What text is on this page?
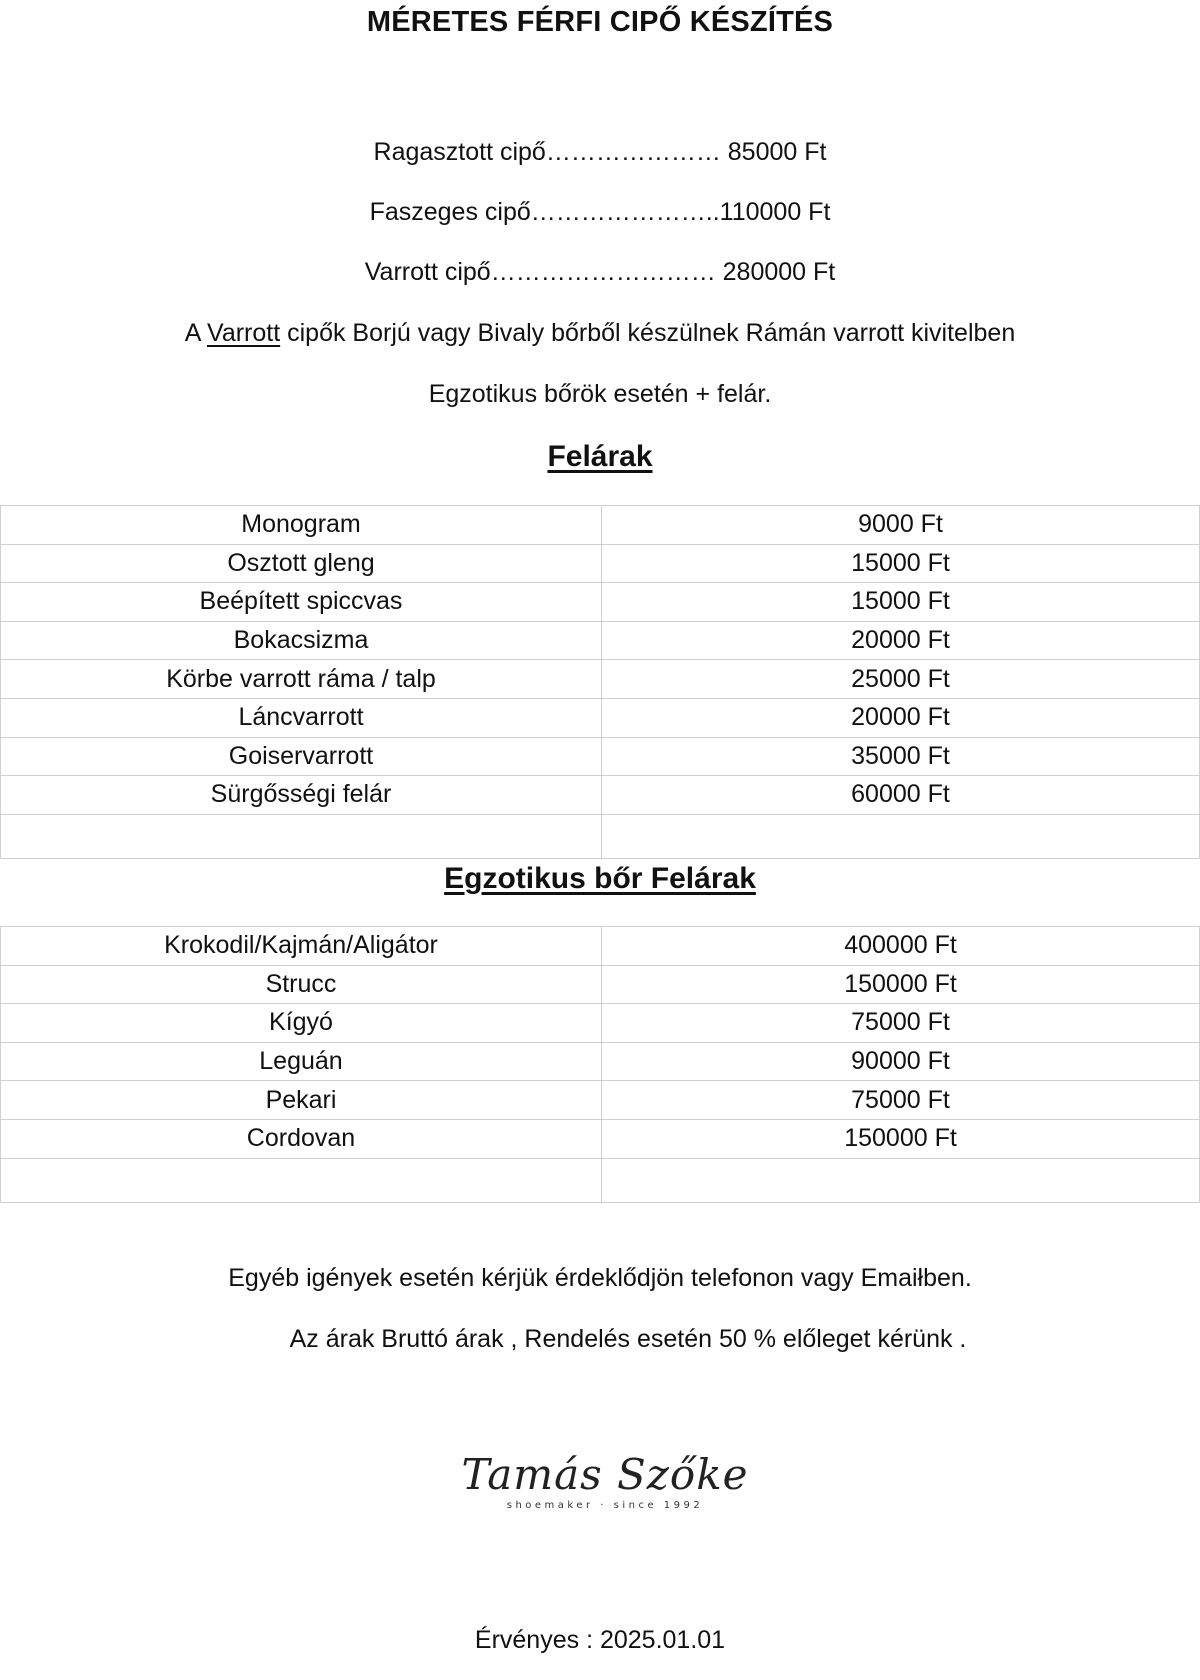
MÉRETES FÉRFI CIPŐ KÉSZÍTÉS
Ragasztott cipő………………… 85000 Ft
Faszeges cipő…………………..110000 Ft
Varrott cipő……………………… 280000 Ft
A Varrott cipők Borjú vagy Bivaly bőrből készülnek Rámán varrott kivitelben
Egzotikus bőrök esetén + felár.
Felárak
Monogram	9000 Ft
Osztott gleng	15000 Ft
Beépített spiccvas	15000 Ft
Bokacsizma	20000 Ft
Körbe varrott ráma / talp	25000 Ft
Láncvarrott	20000 Ft
Goiservarrott	35000 Ft
Sürgősségi felár	60000 Ft

Egzotikus bőr Felárak
Krokodil/Kajmán/Aligátor	400000 Ft
Strucc	150000 Ft
Kígyó	75000 Ft
Leguán	90000 Ft
Pekari	75000 Ft
Cordovan	150000 Ft

Egyéb igények esetén kérjük érdeklődjön telefonon vagy Emaiłben.
Az árak Bruttó árak , Rendelés esetén 50 % előleget kérünk .
Tamás Szőke
shoemaker · since 1992
Érvényes : 2025.01.01
